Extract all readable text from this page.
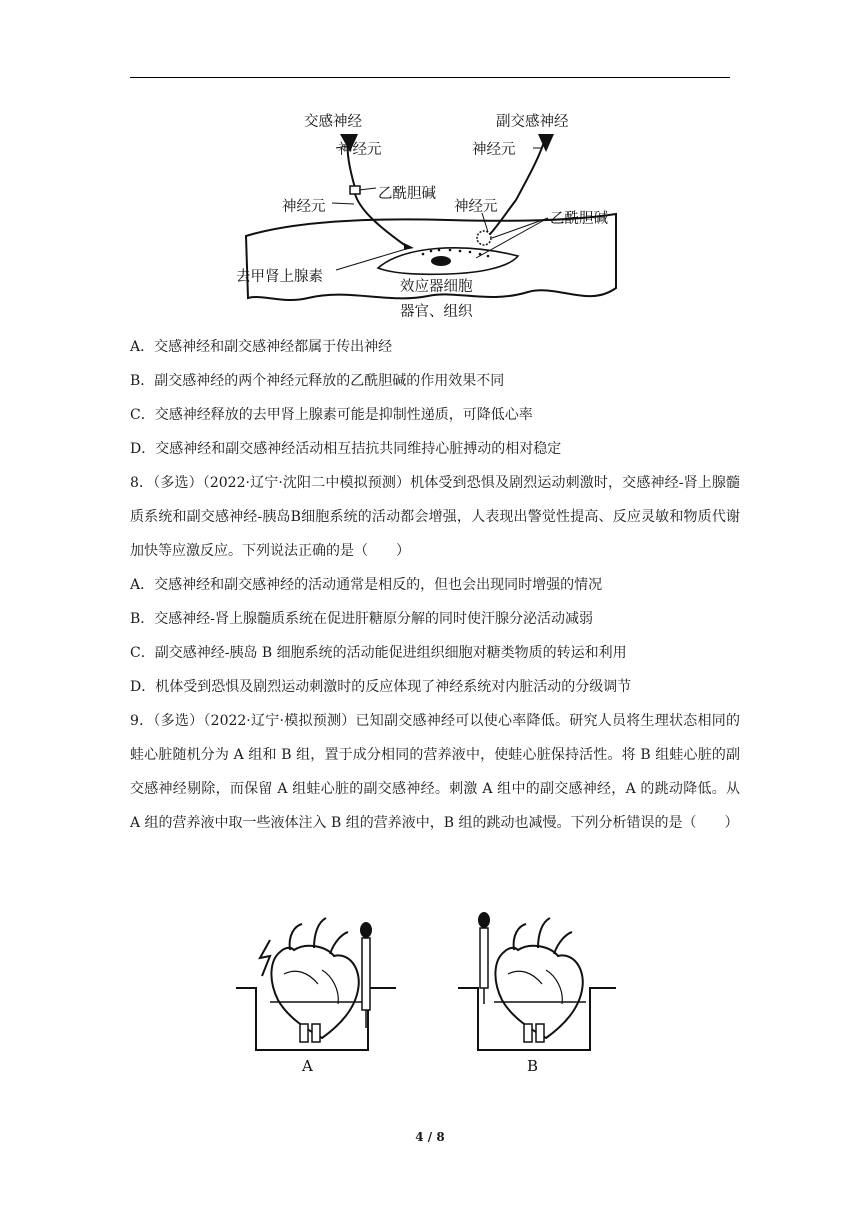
交感神经	副交感神经
神经元	神经元
乙酰胆碱
神经元	神经元
乙酰胆碱
去甲肾上腺素
效应器细胞
器官、组织
A．交感神经和副交感神经都属于传出神经
B．副交感神经的两个神经元释放的乙酰胆碱的作用效果不同
C．交感神经释放的去甲肾上腺素可能是抑制性递质，可降低心率
D．交感神经和副交感神经活动相互拮抗共同维持心脏搏动的相对稳定
8．（多选）（2022·辽宁·沈阳二中模拟预测）机体受到恐惧及剧烈运动刺激时，交感神经-肾上腺髓质系统和副交感神经-胰岛B细胞系统的活动都会增强，人表现出警觉性提高、反应灵敏和物质代谢加快等应激反应。下列说法正确的是（　　）
A．交感神经和副交感神经的活动通常是相反的，但也会出现同时增强的情况
B．交感神经-肾上腺髓质系统在促进肝糖原分解的同时使汗腺分泌活动减弱
C．副交感神经-胰岛 B 细胞系统的活动能促进组织细胞对糖类物质的转运和利用
D．机体受到恐惧及剧烈运动刺激时的反应体现了神经系统对内脏活动的分级调节
9．（多选）（2022·辽宁·模拟预测）已知副交感神经可以使心率降低。研究人员将生理状态相同的蛙心脏随机分为 A 组和 B 组，置于成分相同的营养液中，使蛙心脏保持活性。将 B 组蛙心脏的副交感神经剔除，而保留 A 组蛙心脏的副交感神经。刺激 A 组中的副交感神经，A 的跳动降低。从 A 组的营养液中取一些液体注入 B 组的营养液中，B 组的跳动也减慢。下列分析错误的是（　　）
A	B
4 / 8
